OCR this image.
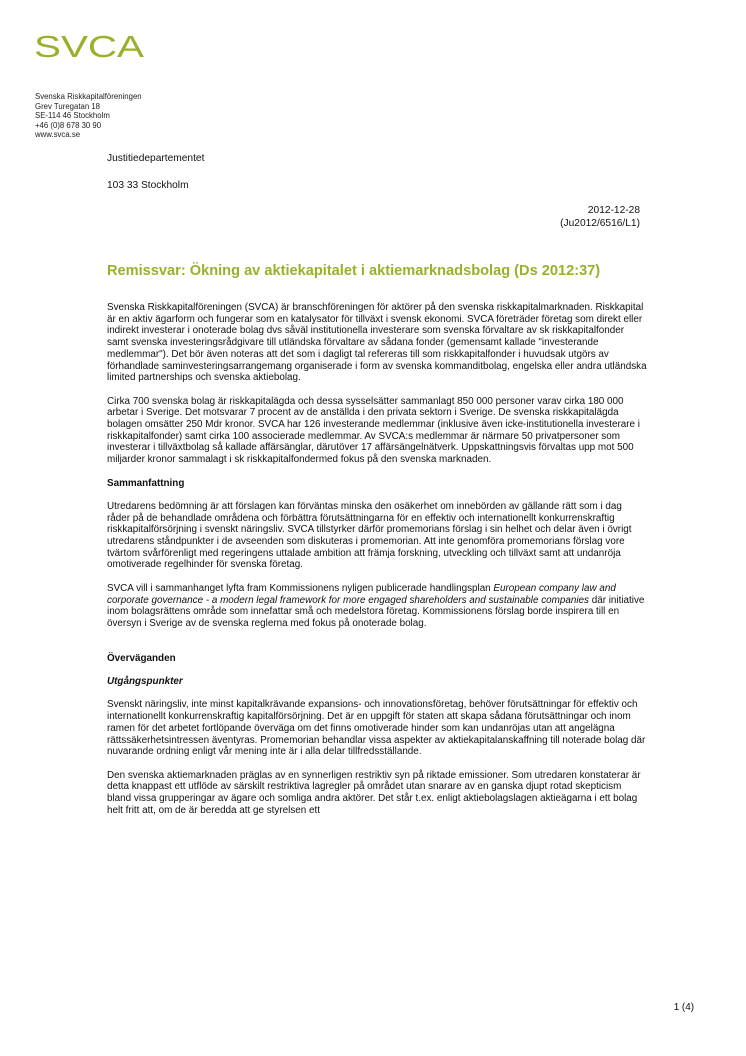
SVCA
Svenska Riskkapitalföreningen
Grev Turegatan 18
SE-114 46 Stockholm
+46 (0)8 678 30 90
www.svca.se
Justitiedepartementet
103 33 Stockholm
2012-12-28
(Ju2012/6516/L1)
Remissvar: Ökning av aktiekapitalet i aktiemarknadsbolag (Ds 2012:37)

Svenska Riskkapitalföreningen (SVCA) är branschföreningen för aktörer på den svenska riskkapitalmarknaden. Riskkapital är en aktiv ägarform och fungerar som en katalysator för tillväxt i svensk ekonomi. SVCA företräder företag som direkt eller indirekt investerar i onoterade bolag dvs såväl institutionella investerare som svenska förvaltare av sk riskkapitalfonder samt svenska investeringsrådgivare till utländska förvaltare av sådana fonder (gemensamt kallade "investerande medlemmar"). Det bör även noteras att det som i dagligt tal refereras till som riskkapitalfonder i huvudsak utgörs av förhandlade saminvesteringsarrangemang organiserade i form av svenska kommanditbolag, engelska eller andra utländska limited partnerships och svenska aktiebolag.

Cirka 700 svenska bolag är riskkapitalägda och dessa sysselsätter sammanlagt 850 000 personer varav cirka 180 000 arbetar i Sverige. Det motsvarar 7 procent av de anställda i den privata sektorn i Sverige. De svenska riskkapitalägda bolagen omsätter 250 Mdr kronor. SVCA har 126 investerande medlemmar (inklusive även icke-institutionella investerare i riskkapitalfonder) samt cirka 100 associerade medlemmar. Av SVCA:s medlemmar är närmare 50 privatpersoner som investerar i tillväxtbolag så kallade affärsänglar, därutöver 17 affärsängelnätverk. Uppskattningsvis förvaltas upp mot 500 miljarder kronor sammalagt i sk riskkapitalfondermed fokus på den svenska marknaden.

Sammanfattning

Utredarens bedömning är att förslagen kan förväntas minska den osäkerhet om innebörden av gällande rätt som i dag råder på de behandlade områdena och förbättra förutsättningarna för en effektiv och internationellt konkurrenskraftig riskkapitalförsörjning i svenskt näringsliv. SVCA tillstyrker därför promemorians förslag i sin helhet och delar även i övrigt utredarens ståndpunkter i de avseenden som diskuteras i promemorian. Att inte genomföra promemorians förslag vore tvärtom svårförenligt med regeringens uttalade ambition att främja forskning, utveckling och tillväxt samt att undanröja omotiverade regelhinder för svenska företag.

SVCA vill i sammanhanget lyfta fram Kommissionens nyligen publicerade handlingsplan European company law and corporate governance - a modern legal framework for more engaged shareholders and sustainable companies där initiative inom bolagsrättens område som innefattar små och medelstora företag. Kommissionens förslag borde inspirera till en översyn i Sverige av de svenska reglerna med fokus på onoterade bolag.

Överväganden
Utgångspunkter

Svenskt näringsliv, inte minst kapitalkrävande expansions- och innovationsföretag, behöver förutsättningar för effektiv och internationellt konkurrenskraftig kapitalförsörjning. Det är en uppgift för staten att skapa sådana förutsättningar och inom ramen för det arbetet fortlöpande överväga om det finns omotiverade hinder som kan undanröjas utan att angelägna rättssäkerhetsintressen äventyras. Promemorian behandlar vissa aspekter av aktiekapitalanskaffning till noterade bolag där nuvarande ordning enligt vår mening inte är i alla delar tillfredsställande.

Den svenska aktiemarknaden präglas av en synnerligen restriktiv syn på riktade emissioner. Som utredaren konstaterar är detta knappast ett utflöde av särskilt restriktiva lagregler på området utan snarare av en ganska djupt rotad skepticism bland vissa grupperingar av ägare och somliga andra aktörer. Det står t.ex. enligt aktiebolagslagen aktieägarna i ett bolag helt fritt att, om de är beredda att ge styrelsen ett

1 (4)
